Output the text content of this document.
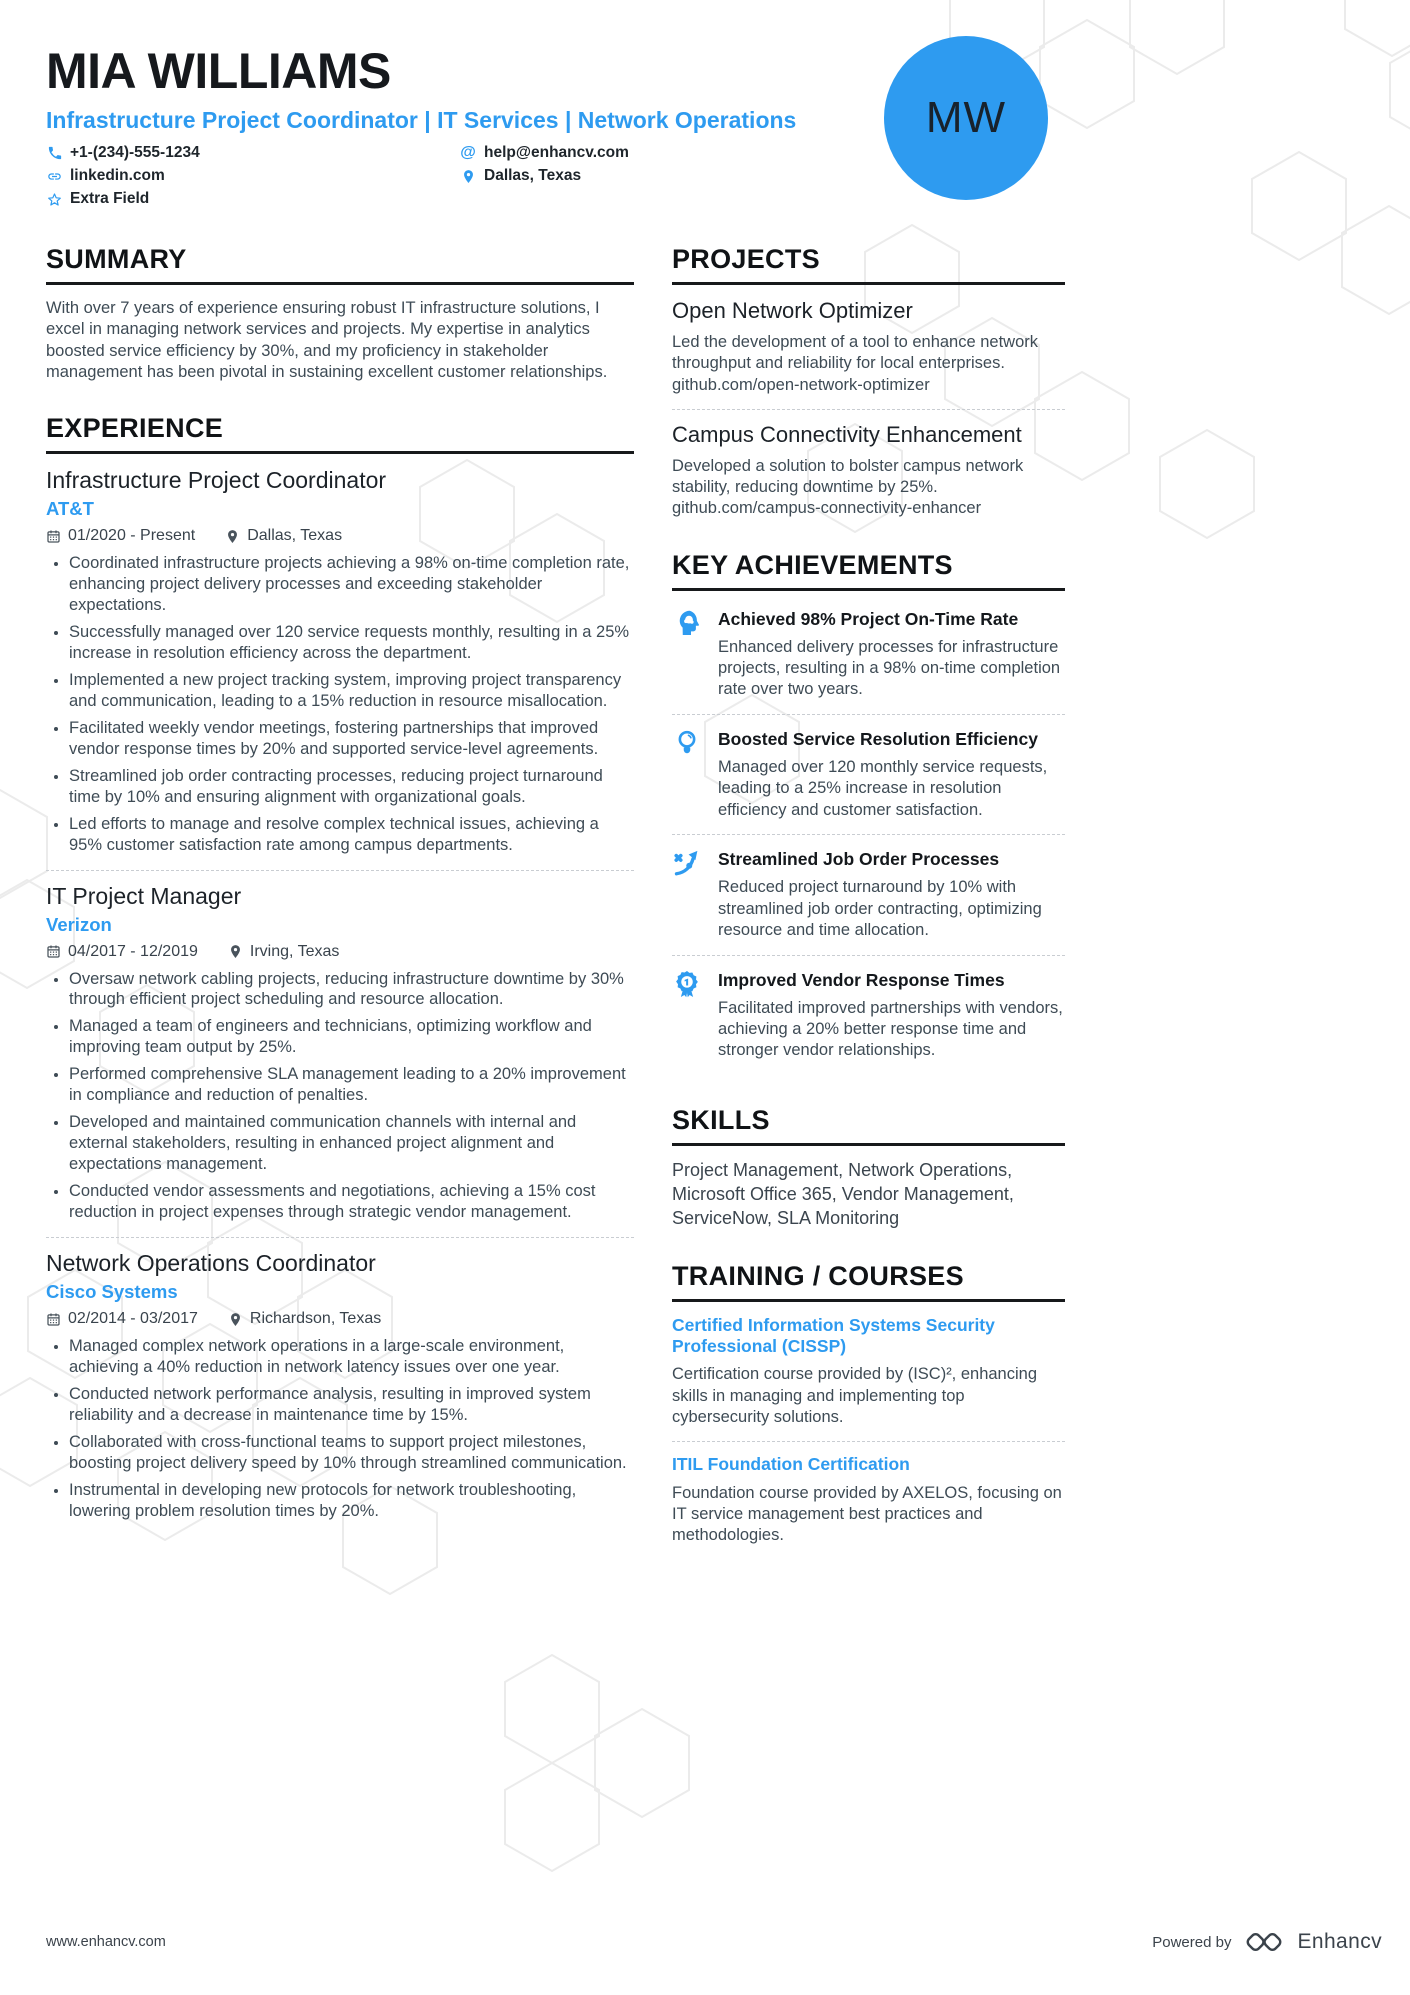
MW
MIA WILLIAMS
Infrastructure Project Coordinator | IT Services | Network Operations
+1-(234)-555-1234	@ help@enhancv.com
linkedin.com	Dallas, Texas
Extra Field
SUMMARY

With over 7 years of experience ensuring robust IT infrastructure solutions, I excel in managing network services and projects. My expertise in analytics boosted service efficiency by 30%, and my proficiency in stakeholder management has been pivotal in sustaining excellent customer relationships.

EXPERIENCE
Infrastructure Project Coordinator
AT&T
01/2020 - Present	Dallas, Texas
• Coordinated infrastructure projects achieving a 98% on-time completion rate, enhancing project delivery processes and exceeding stakeholder expectations.
• Successfully managed over 120 service requests monthly, resulting in a 25% increase in resolution efficiency across the department.
• Implemented a new project tracking system, improving project transparency and communication, leading to a 15% reduction in resource misallocation.
• Facilitated weekly vendor meetings, fostering partnerships that improved vendor response times by 20% and supported service-level agreements.
• Streamlined job order contracting processes, reducing project turnaround time by 10% and ensuring alignment with organizational goals.
• Led efforts to manage and resolve complex technical issues, achieving a 95% customer satisfaction rate among campus departments.
IT Project Manager
Verizon
04/2017 - 12/2019	Irving, Texas
• Oversaw network cabling projects, reducing infrastructure downtime by 30% through efficient project scheduling and resource allocation.
• Managed a team of engineers and technicians, optimizing workflow and improving team output by 25%.
• Performed comprehensive SLA management leading to a 20% improvement in compliance and reduction of penalties.
• Developed and maintained communication channels with internal and external stakeholders, resulting in enhanced project alignment and expectations management.
• Conducted vendor assessments and negotiations, achieving a 15% cost reduction in project expenses through strategic vendor management.
Network Operations Coordinator
Cisco Systems
02/2014 - 03/2017	Richardson, Texas
• Managed complex network operations in a large-scale environment, achieving a 40% reduction in network latency issues over one year.
• Conducted network performance analysis, resulting in improved system reliability and a decrease in maintenance time by 15%.
• Collaborated with cross-functional teams to support project milestones, boosting project delivery speed by 10% through streamlined communication.
• Instrumental in developing new protocols for network troubleshooting, lowering problem resolution times by 20%.
PROJECTS
Open Network Optimizer

Led the development of a tool to enhance network throughput and reliability for local enterprises. github.com/open-network-optimizer

Campus Connectivity Enhancement

Developed a solution to bolster campus network stability, reducing downtime by 25%. github.com/campus-connectivity-enhancer

KEY ACHIEVEMENTS
Achieved 98% Project On-Time Rate
Enhanced delivery processes for infrastructure projects, resulting in a 98% on-time completion rate over two years.
Boosted Service Resolution Efficiency
Managed over 120 monthly service requests, leading to a 25% increase in resolution efficiency and customer satisfaction.
Streamlined Job Order Processes
Reduced project turnaround by 10% with streamlined job order contracting, optimizing resource and time allocation.
Improved Vendor Response Times
Facilitated improved partnerships with vendors, achieving a 20% better response time and stronger vendor relationships.
SKILLS

Project Management, Network Operations, Microsoft Office 365, Vendor Management, ServiceNow, SLA Monitoring

TRAINING / COURSES
Certified Information Systems Security Professional (CISSP)

Certification course provided by (ISC)², enhancing skills in managing and implementing top cybersecurity solutions.

ITIL Foundation Certification

Foundation course provided by AXELOS, focusing on IT service management best practices and methodologies.

www.enhancv.com	Powered by	Enhancv
